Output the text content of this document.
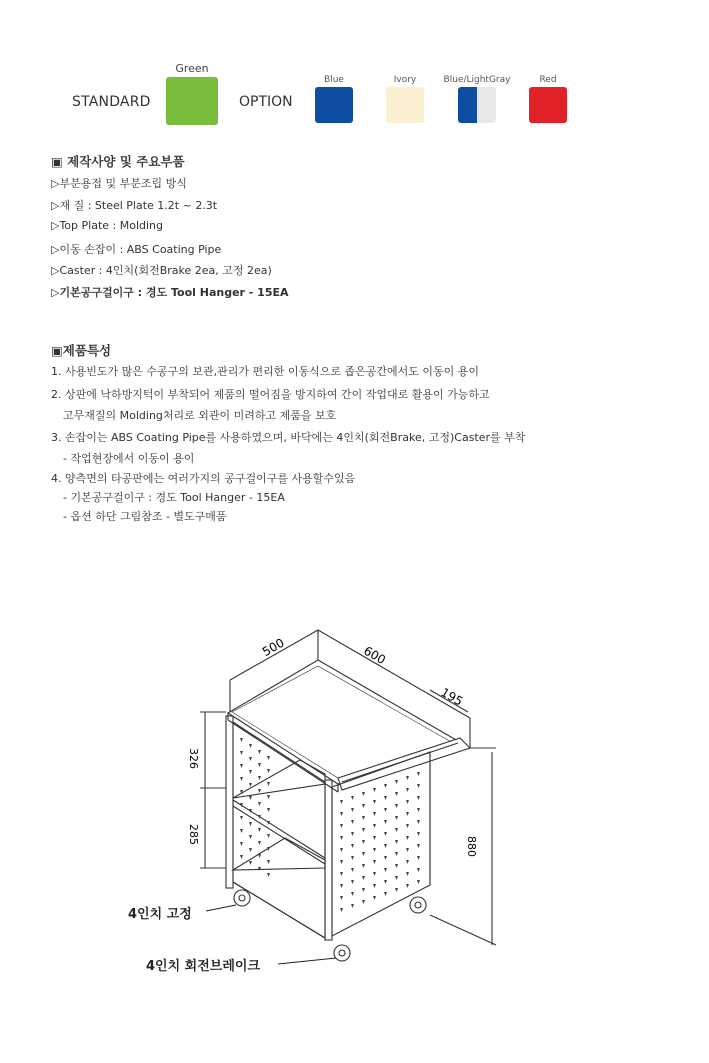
STANDARD
Green
OPTION
Blue	Ivory	Blue/LightGray	Red
▣ 제작사양 및 주요부품
▷부분용접 및 부분조립 방식
▷재 질 : Steel Plate 1.2t ~ 2.3t
▷Top Plate : Molding
▷이동 손잡이 : ABS Coating Pipe
▷Caster : 4인치(회전Brake 2ea, 고정 2ea)
▷기본공구걸이구 : 경도 Tool Hanger - 15EA
▣제품특성
1. 사용빈도가 많은 수공구의 보관,관리가 편리한 이동식으로 좁은공간에서도 이동이 용이
2. 상판에 낙하방지턱이 부착되어 제품의 떨어짐을 방지하여 간이 작업대로 활용이 가능하고
고무재질의 Molding처리로 외관이 미려하고 제품을 보호
3. 손잡이는 ABS Coating Pipe를 사용하였으며, 바닥에는 4인치(회전Brake, 고정)Caster를 부착
- 작업현장에서 이동이 용이
4. 양측면의 타공판에는 여러가지의 공구걸이구를 사용할수있음
- 기본공구걸이구 : 경도 Tool Hanger - 15EA
- 옵션 하단 그림참조 - 별도구매품
500	600
195
326
285
880
4인치 고정
4인치 회전브레이크
